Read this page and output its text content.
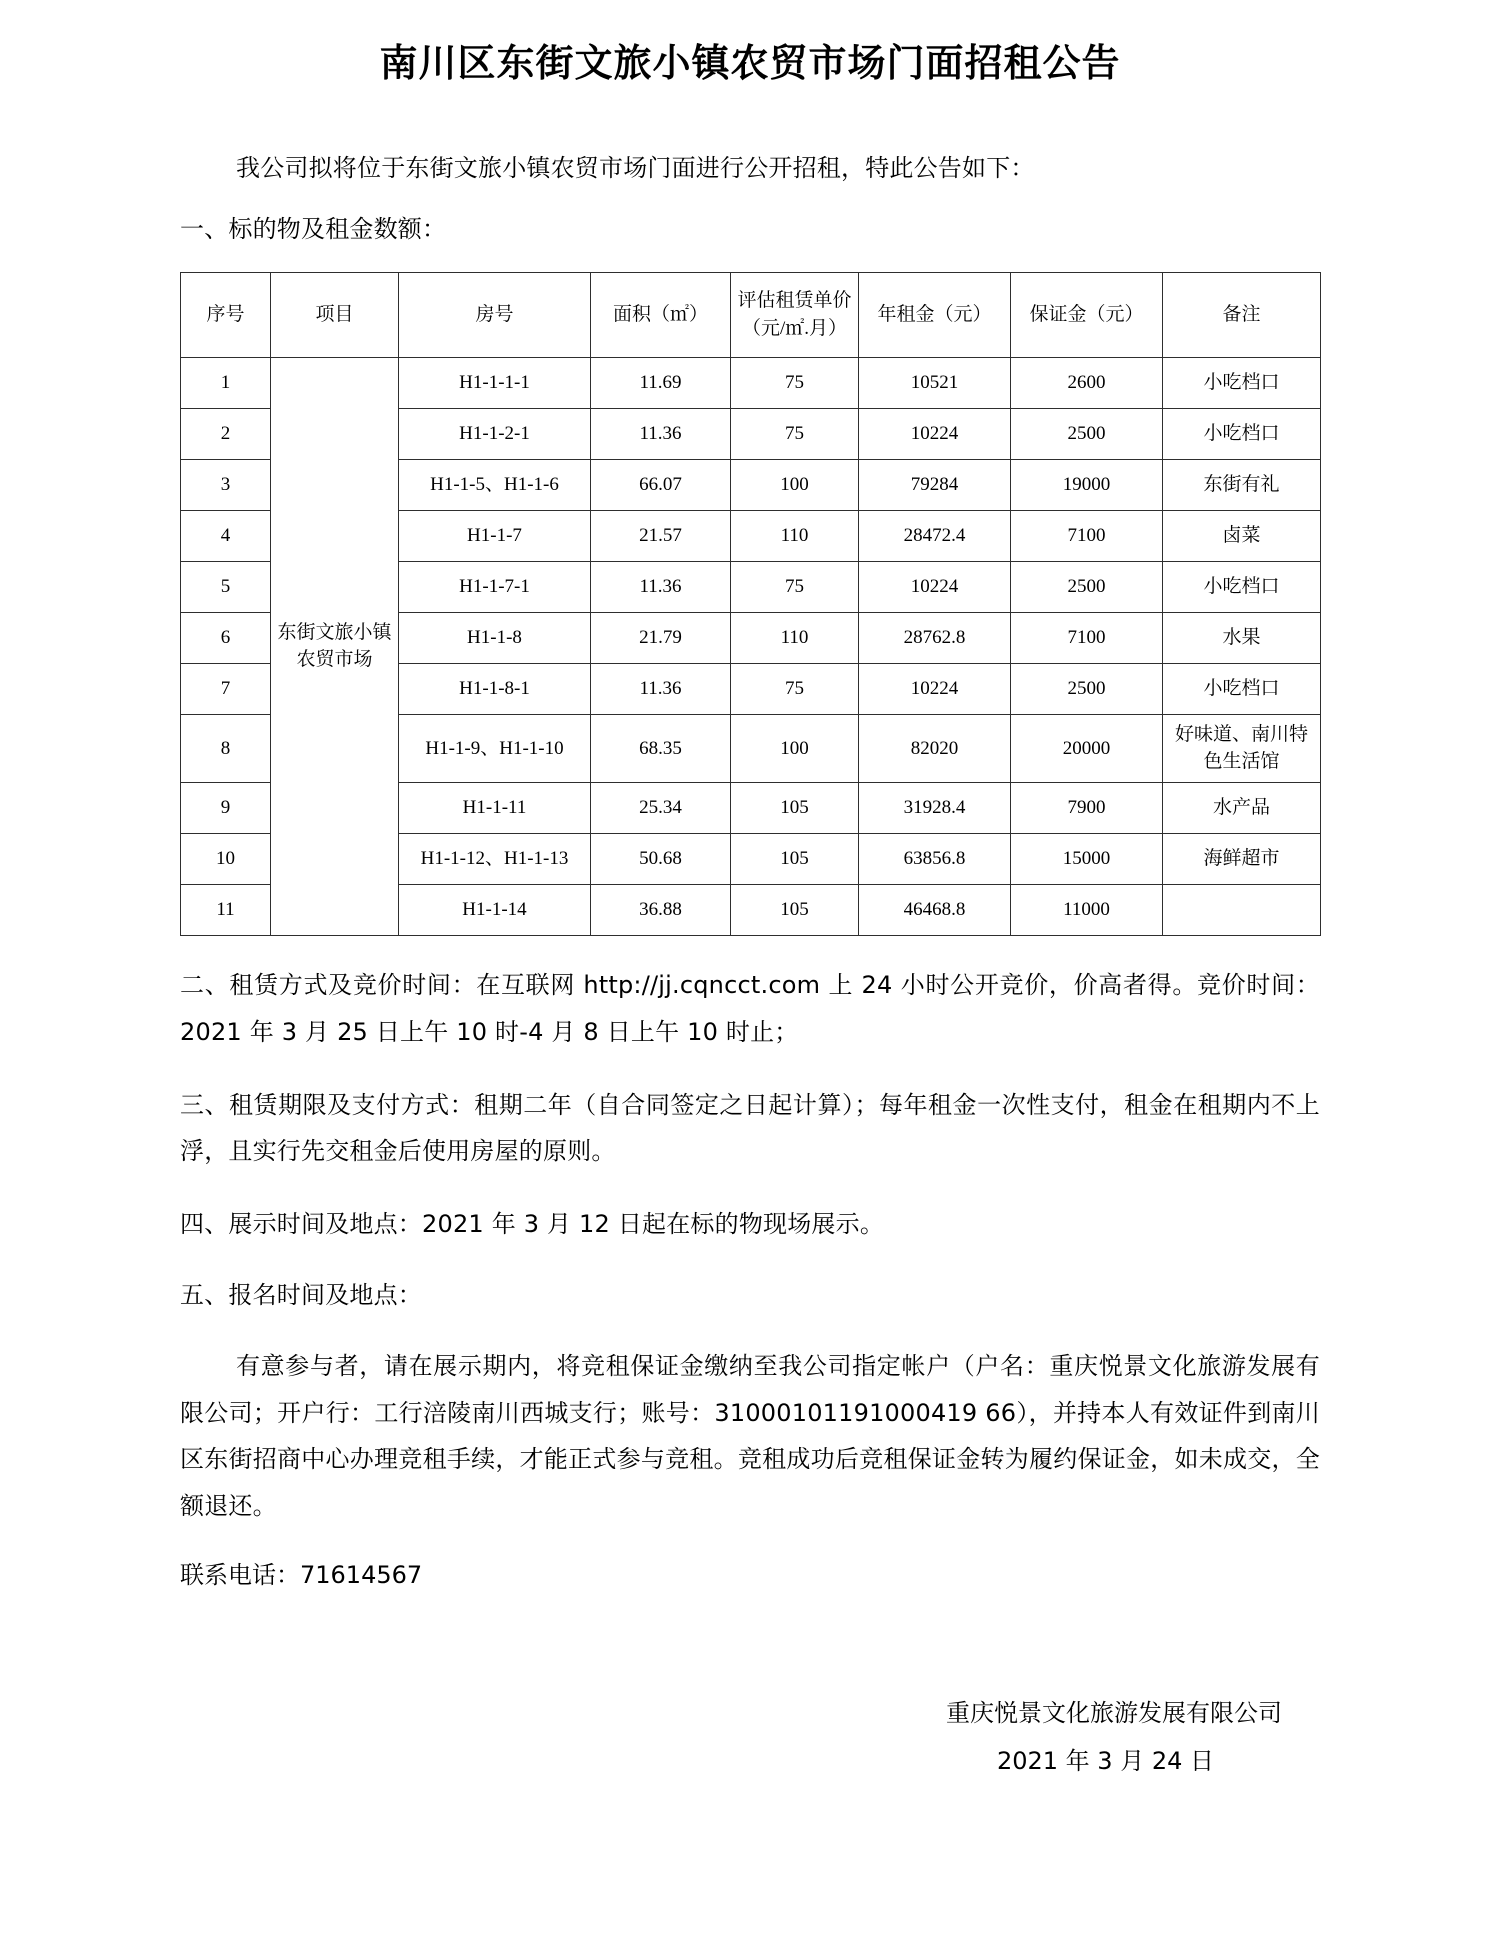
南川区东街文旅小镇农贸市场门面招租公告

我公司拟将位于东街文旅小镇农贸市场门面进行公开招租，特此公告如下：

一、标的物及租金数额：

序号	项目	房号	面积（㎡）	评估租赁单价（元/㎡.月）	年租金（元）	保证金（元）	备注
1	东街文旅小镇农贸市场	H1-1-1-1	11.69	75	10521	2600	小吃档口
2		H1-1-2-1	11.36	75	10224	2500	小吃档口
3		H1-1-5、H1-1-6	66.07	100	79284	19000	东街有礼
4		H1-1-7	21.57	110	28472.4	7100	卤菜
5		H1-1-7-1	11.36	75	10224	2500	小吃档口
6		H1-1-8	21.79	110	28762.8	7100	水果
7		H1-1-8-1	11.36	75	10224	2500	小吃档口
8		H1-1-9、H1-1-10	68.35	100	82020	20000	好味道、南川特色生活馆
9		H1-1-11	25.34	105	31928.4	7900	水产品
10		H1-1-12、H1-1-13	50.68	105	63856.8	15000	海鲜超市
11		H1-1-14	36.88	105	46468.8	11000	

二、租赁方式及竞价时间：在互联网 http://jj.cqncct.com 上 24 小时公开竞价，价高者得。竞价时间：2021 年 3 月 25 日上午 10 时-4 月 8 日上午 10 时止；

三、租赁期限及支付方式：租期二年（自合同签定之日起计算）；每年租金一次性支付，租金在租期内不上浮，且实行先交租金后使用房屋的原则。

四、展示时间及地点：2021 年 3 月 12 日起在标的物现场展示。

五、报名时间及地点：

有意参与者，请在展示期内，将竞租保证金缴纳至我公司指定帐户（户名：重庆悦景文化旅游发展有限公司；开户行：工行涪陵南川西城支行；账号：31000101191000419 66），并持本人有效证件到南川区东街招商中心办理竞租手续，才能正式参与竞租。竞租成功后竞租保证金转为履约保证金，如未成交，全额退还。

联系电话：71614567

重庆悦景文化旅游发展有限公司
2021 年 3 月 24 日
